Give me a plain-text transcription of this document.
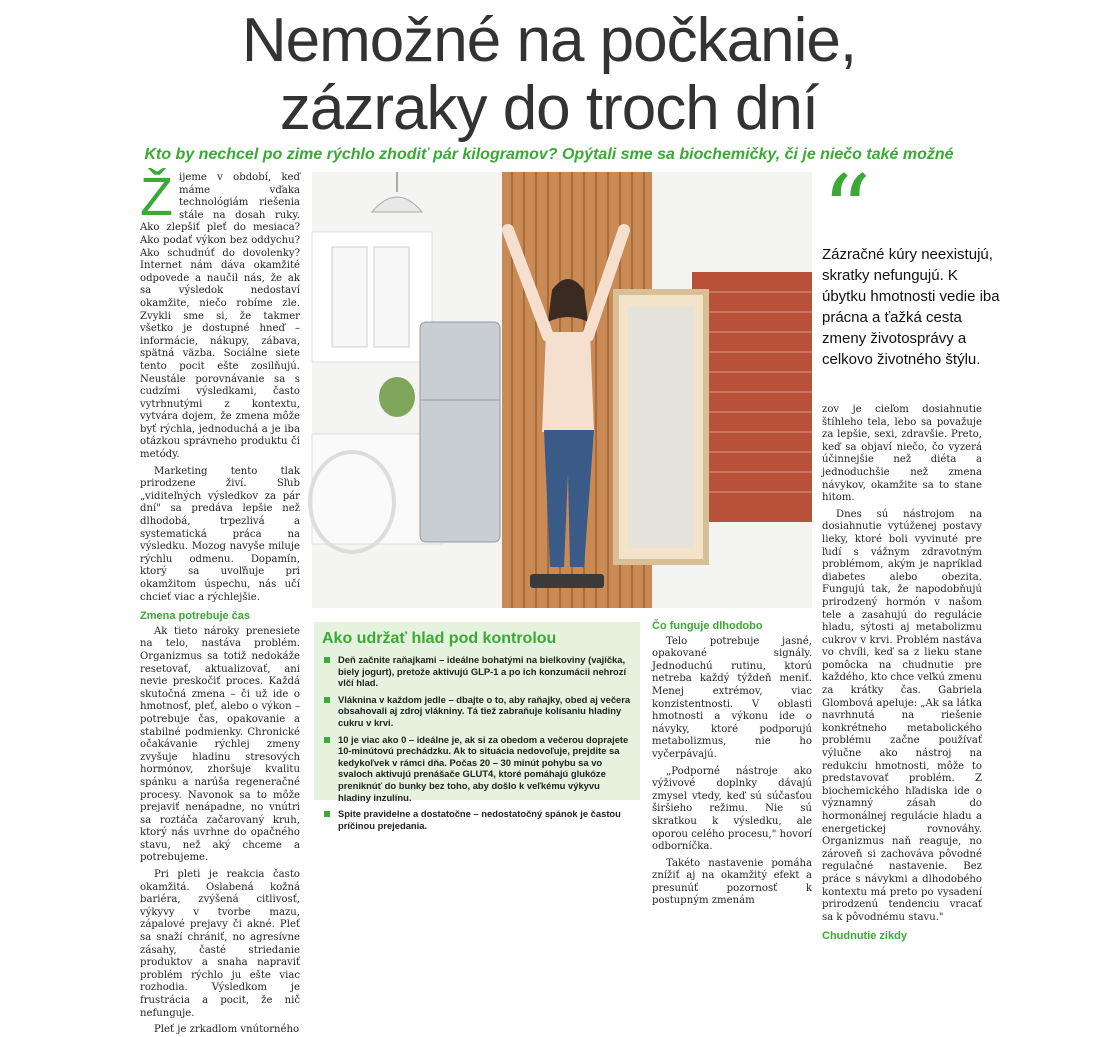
Nemožné na počkanie,
zázraky do troch dní
Kto by nechcel po zime rýchlo zhodiť pár kilogramov? Opýtali sme sa biochemičky, či je niečo také možné
Ž ijeme v období, keď máme vďaka technológiám riešenia stále na dosah ruky. Ako zlepšiť pleť do mesiaca? Ako podať výkon bez oddychu? Ako schudnúť do dovolenky? Internet nám dáva okamžité odpovede a naučil nás, že ak sa výsledok nedostaví okamžite, niečo robíme zle. Zvykli sme si, že takmer všetko je dostupné hneď – informácie, nákupy, zábava, spätná väzba. Sociálne siete tento pocit ešte zosilňujú. Neustále porovnávanie sa s cudzími výsledkami, často vytrhnutými z kontextu, vytvára dojem, že zmena môže byť rýchla, jednoduchá a je iba otázkou správneho produktu či metódy.

Marketing tento tlak prirodzene živí. Sľub „viditeľných výsledkov za pár dní" sa predáva lepšie než dlhodobá, trpezlivá a systematická práca na výsledku. Mozog navyše miluje rýchlu odmenu. Dopamín, ktorý sa uvoľňuje pri okamžitom úspechu, nás učí chcieť viac a rýchlejšie.

Zmena potrebuje čas

Ak tieto nároky prenesiete na telo, nastáva problém. Organizmus sa totiž nedokáže resetovať, aktualizovať, ani nevie preskočiť proces. Každá skutočná zmena – či už ide o hmotnosť, pleť, alebo o výkon – potrebuje čas, opakovanie a stabilné podmienky. Chronické očakávanie rýchlej zmeny zvyšuje hladinu stresových hormónov, zhoršuje kvalitu spánku a narúša regeneračné procesy. Navonok sa to môže prejaviť nenápadne, no vnútri sa roztáča začarovaný kruh, ktorý nás uvrhne do opačného stavu, než aký chceme a potrebujeme.

Pri pleti je reakcia často okamžitá. Oslabená kožná bariéra, zvýšená citlivosť, výkyvy v tvorbe mazu, zápalové prejavy či akné. Pleť sa snaží chrániť, no agresívne zásahy, časté striedanie produktov a snaha napraviť problém rýchlo ju ešte viac rozhodia. Výsledkom je frustrácia a pocit, že nič nefunguje.

Pleť je zrkadlom vnútorného

“
Zázračné kúry neexistujú, skratky nefungujú. K úbytku hmotnosti vedie iba prácna a ťažká cesta zmeny životosprávy a celkovo životného štýlu.
Ako udržať hlad pod kontrolou
Deň začnite raňajkami – ideálne bohatými na bielkoviny (vajíčka, biely jogurt), pretože aktivujú GLP-1 a po ich konzumácii nehrozí vlčí hlad.
Vláknina v každom jedle – dbajte o to, aby raňajky, obed aj večera obsahovali aj zdroj vlákniny. Tá tiež zabraňuje kolísaniu hladiny cukru v krvi.
10 je viac ako 0 – ideálne je, ak si za obedom a večerou doprajete 10-minútovú prechádzku. Ak to situácia nedovoľuje, prejdite sa kedykoľvek v rámci dňa. Počas 20 – 30 minút pohybu sa vo svaloch aktivujú prenášače GLUT4, ktoré pomáhajú glukóze preniknúť do bunky bez toho, aby došlo k veľkému výkyvu hladiny inzulínu.
Spite pravidelne a dostatočne – nedostatočný spánok je častou príčinou prejedania.
Čo funguje dlhodobo

Telo potrebuje jasné, opakované signály. Jednoduchú rutinu, ktorú netreba každý týždeň meniť. Menej extrémov, viac konzistentnosti. V oblasti hmotnosti a výkonu ide o návyky, ktoré podporujú metabolizmus, nie ho vyčerpávajú.

„Podporné nástroje ako výživové doplnky dávajú zmysel vtedy, keď sú súčasťou širšieho režimu. Nie sú skratkou k výsledku, ale oporou celého procesu," hovorí odborníčka.

Takéto nastavenie pomáha znížiť aj na okamžitý efekt a presunúť pozornosť k postupným zmenám

zov je cieľom dosiahnutie štíhleho tela, lebo sa považuje za lepšie, sexi, zdravšie. Preto, keď sa objaví niečo, čo vyzerá účinnejšie než diéta a jednoduchšie než zmena návykov, okamžite sa to stane hitom.

Dnes sú nástrojom na dosiahnutie vytúženej postavy lieky, ktoré boli vyvinuté pre ľudí s vážnym zdravotným problémom, akým je napríklad diabetes alebo obezita. Fungujú tak, že napodobňujú prirodzený hormón v našom tele a zasahujú do regulácie hladu, sýtosti aj metabolizmu cukrov v krvi. Problém nastáva vo chvíli, keď sa z lieku stane pomôcka na chudnutie pre každého, kto chce veľkú zmenu za krátky čas. Gabriela Glombová apeluje: „Ak sa látka navrhnutá na riešenie konkrétneho metabolického problému začne používať výlučne ako nástroj na redukciu hmotnosti, môže to predstavovať problém. Z biochemického hľadiska ide o významný zásah do hormonálnej regulácie hladu a energetickej rovnováhy. Organizmus naň reaguje, no zároveň si zachováva pôvodné regulačné nastavenie. Bez práce s návykmi a dlhodobého kontextu má preto po vysadení prirodzenú tendenciu vracať sa k pôvodnému stavu."

Chudnutie zikdy
